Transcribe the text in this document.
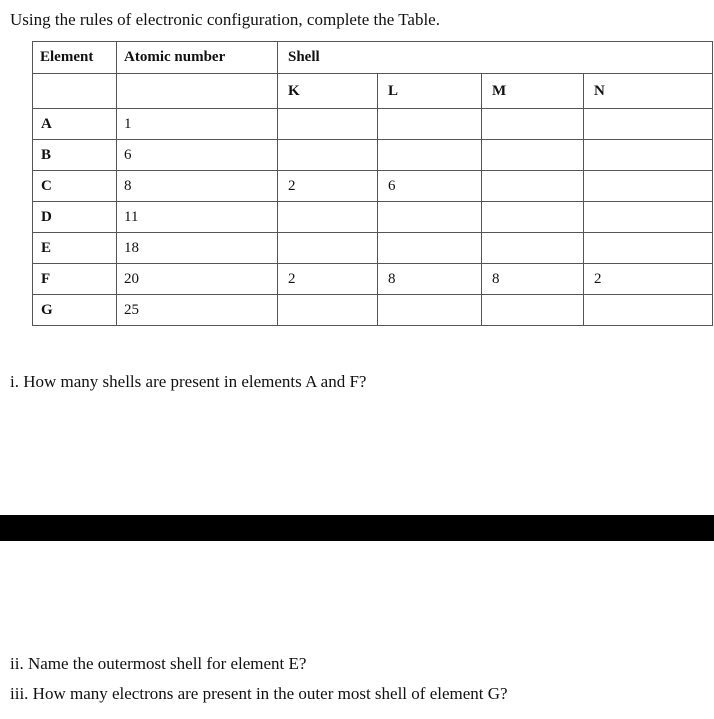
Using the rules of electronic configuration, complete the Table.
Element	Atomic number	Shell			
		K	L	M	N
A	1				
B	6				
C	8	2	6		
D	11				
E	18				
F	20	2	8	8	2
G	25				
i. How many shells are present in elements A and F?
ii. Name the outermost shell for element E?
iii. How many electrons are present in the outer most shell of element G?
